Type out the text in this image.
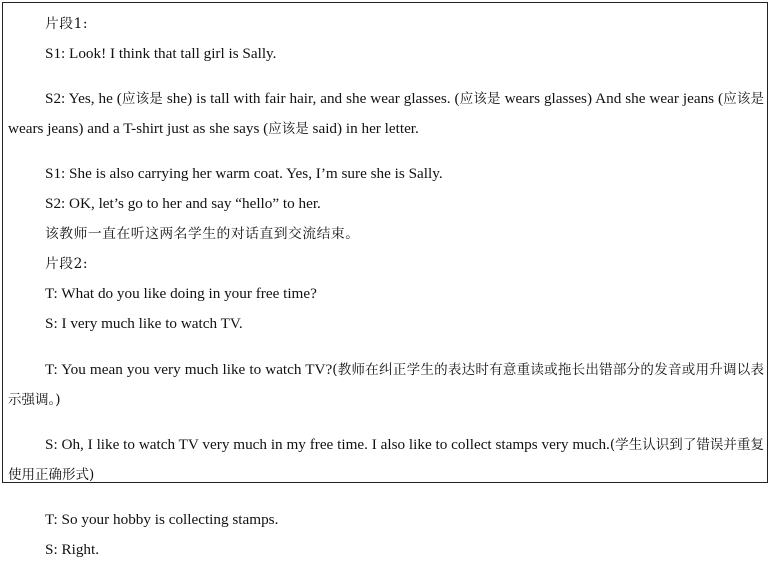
片段1:

S1: Look! I think that tall girl is Sally.

S2: Yes, he (应该是 she) is tall with fair hair, and she wear glasses. (应该是 wears glasses) And she wear jeans (应该是 wears jeans) and a T-shirt just as she says (应该是 said) in her letter.

S1: She is also carrying her warm coat. Yes, I’m sure she is Sally.

S2: OK, let’s go to her and say “hello” to her.

该教师一直在听这两名学生的对话直到交流结束。

片段2:

T: What do you like doing in your free time?

S: I very much like to watch TV.

T: You mean you very much like to watch TV?(教师在纠正学生的表达时有意重读或拖长出错部分的发音或用升调以表示强调。)

S: Oh, I like to watch TV very much in my free time. I also like to collect stamps very much.(学生认识到了错误并重复使用正确形式)

T: So your hobby is collecting stamps.

S: Right.
